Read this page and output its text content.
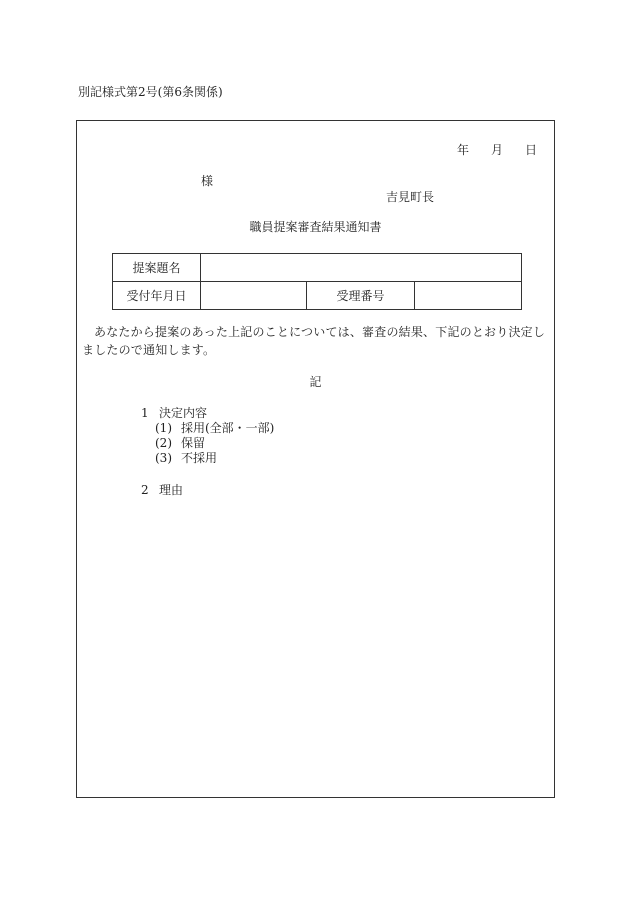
別記様式第2号(第6条関係)
年 月 日
様
吉見町長
職員提案審査結果通知書
提案題名			
受付年月日		受理番号	
あなたから提案のあった上記のことについては、審査の結果、下記のとおり決定しましたので通知します。
記
1 決定内容
(1) 採用(全部・一部)
(2) 保留
(3) 不採用
2 理由
